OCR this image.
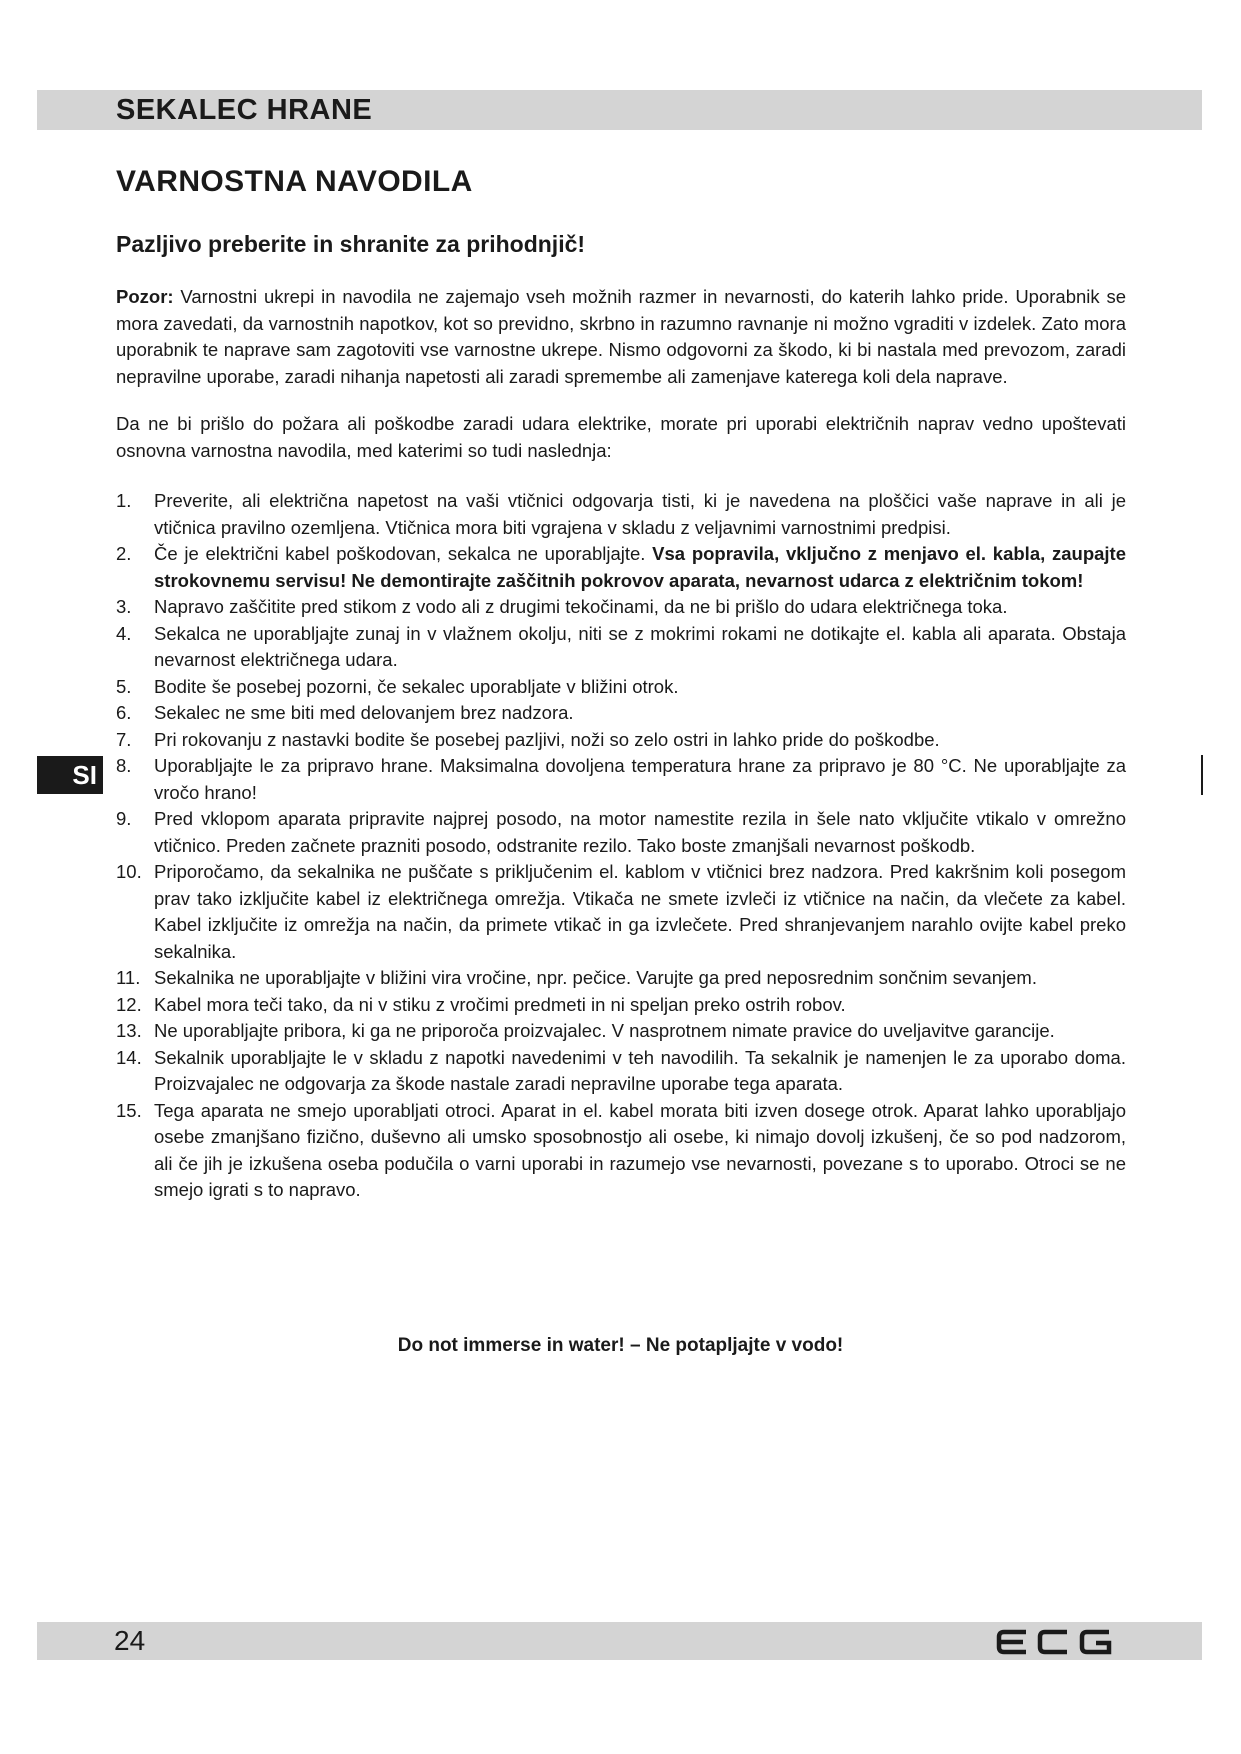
SEKALEC HRANE
VARNOSTNA NAVODILA
Pazljivo preberite in shranite za prihodnjič!

Pozor: Varnostni ukrepi in navodila ne zajemajo vseh možnih razmer in nevarnosti, do katerih lahko pride. Uporabnik se mora zavedati, da varnostnih napotkov, kot so previdno, skrbno in razumno ravnanje ni možno vgraditi v izdelek. Zato mora uporabnik te naprave sam zagotoviti vse varnostne ukrepe. Nismo odgovorni za škodo, ki bi nastala med prevozom, zaradi nepravilne uporabe, zaradi nihanja napetosti ali zaradi spremembe ali zamenjave katerega koli dela naprave.

Da ne bi prišlo do požara ali poškodbe zaradi udara elektrike, morate pri uporabi električnih naprav vedno upoštevati osnovna varnostna navodila, med katerimi so tudi naslednja:

1. Preverite, ali električna napetost na vaši vtičnici odgovarja tisti, ki je navedena na ploščici vaše naprave in ali je vtičnica pravilno ozemljena. Vtičnica mora biti vgrajena v skladu z veljavnimi varnostnimi predpisi.
2. Če je električni kabel poškodovan, sekalca ne uporabljajte. Vsa popravila, vključno z menjavo el. kabla, zaupajte strokovnemu servisu! Ne demontirajte zaščitnih pokrovov aparata, nevarnost udarca z električnim tokom!
3. Napravo zaščitite pred stikom z vodo ali z drugimi tekočinami, da ne bi prišlo do udara električnega toka.
4. Sekalca ne uporabljajte zunaj in v vlažnem okolju, niti se z mokrimi rokami ne dotikajte el. kabla ali aparata. Obstaja nevarnost električnega udara.
5. Bodite še posebej pozorni, če sekalec uporabljate v bližini otrok.
6. Sekalec ne sme biti med delovanjem brez nadzora.
7. Pri rokovanju z nastavki bodite še posebej pazljivi, noži so zelo ostri in lahko pride do poškodbe.
8. Uporabljajte le za pripravo hrane. Maksimalna dovoljena temperatura hrane za pripravo je 80 °C. Ne uporabljajte za vročo hrano!
9. Pred vklopom aparata pripravite najprej posodo, na motor namestite rezila in šele nato vključite vtikalo v omrežno vtičnico. Preden začnete prazniti posodo, odstranite rezilo. Tako boste zmanjšali nevarnost poškodb.
10. Priporočamo, da sekalnika ne puščate s priključenim el. kablom v vtičnici brez nadzora. Pred kakršnim koli posegom prav tako izključite kabel iz električnega omrežja. Vtikača ne smete izvleči iz vtičnice na način, da vlečete za kabel. Kabel izključite iz omrežja na način, da primete vtikač in ga izvlečete. Pred shranjevanjem narahlo ovijte kabel preko sekalnika.
11. Sekalnika ne uporabljajte v bližini vira vročine, npr. pečice. Varujte ga pred neposrednim sončnim sevanjem.
12. Kabel mora teči tako, da ni v stiku z vročimi predmeti in ni speljan preko ostrih robov.
13. Ne uporabljajte pribora, ki ga ne priporoča proizvajalec. V nasprotnem nimate pravice do uveljavitve garancije.
14. Sekalnik uporabljajte le v skladu z napotki navedenimi v teh navodilih. Ta sekalnik je namenjen le za uporabo doma. Proizvajalec ne odgovarja za škode nastale zaradi nepravilne uporabe tega aparata.
15. Tega aparata ne smejo uporabljati otroci. Aparat in el. kabel morata biti izven dosege otrok. Aparat lahko uporabljajo osebe zmanjšano fizično, duševno ali umsko sposobnostjo ali osebe, ki nimajo dovolj izkušenj, če so pod nadzorom, ali če jih je izkušena oseba podučila o varni uporabi in razumejo vse nevarnosti, povezane s to uporabo. Otroci se ne smejo igrati s to napravo.
Do not immerse in water! – Ne potapljajte v vodo!
SI
24
